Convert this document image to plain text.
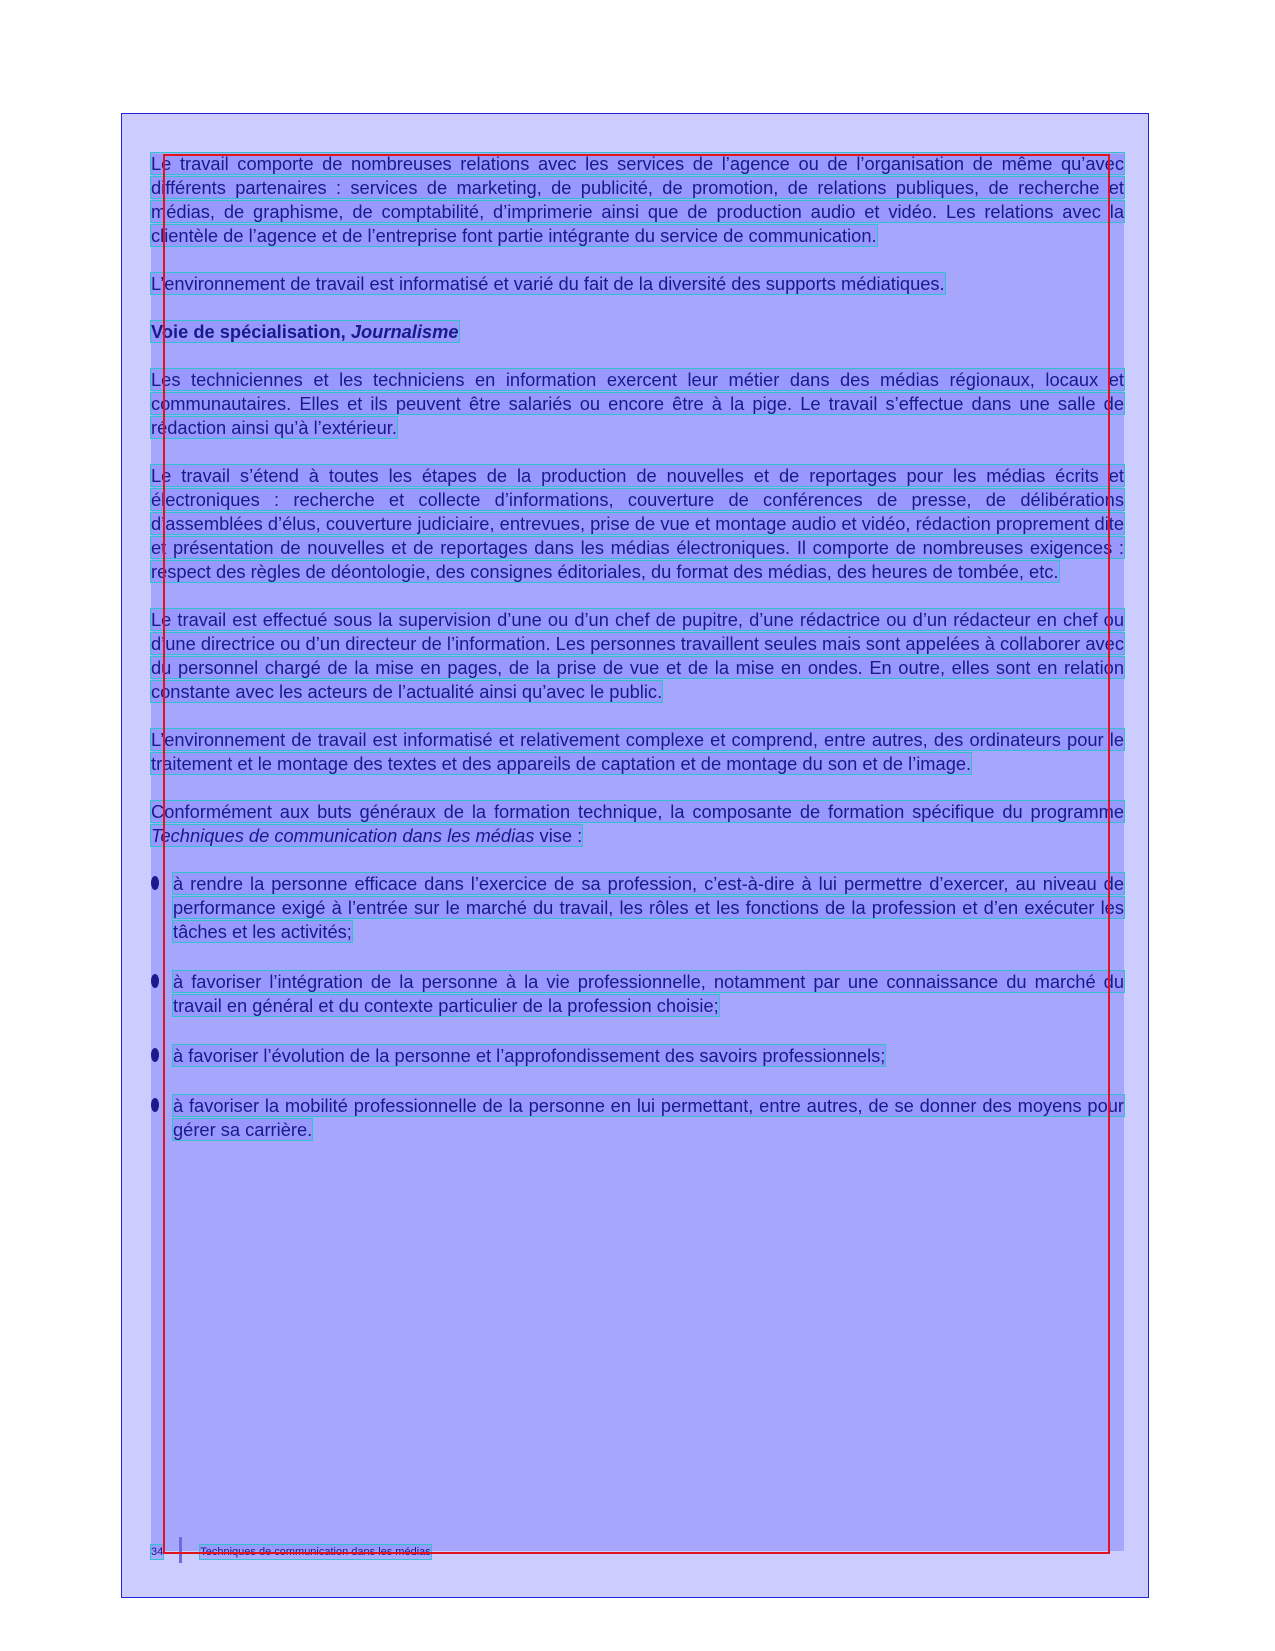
Le travail comporte de nombreuses relations avec les services de l’agence ou de l’organisation de même qu’avec différents partenaires : services de marketing, de publicité, de promotion, de relations publiques, de recherche et médias, de graphisme, de comptabilité, d’imprimerie ainsi que de production audio et vidéo. Les relations avec la clientèle de l’agence et de l’entreprise font partie intégrante du service de communication.

L’environnement de travail est informatisé et varié du fait de la diversité des supports médiatiques.

Voie de spécialisation, Journalisme

Les techniciennes et les techniciens en information exercent leur métier dans des médias régionaux, locaux et communautaires. Elles et ils peuvent être salariés ou encore être à la pige. Le travail s’effectue dans une salle de rédaction ainsi qu’à l’extérieur.

Le travail s’étend à toutes les étapes de la production de nouvelles et de reportages pour les médias écrits et électroniques : recherche et collecte d’informations, couverture de conférences de presse, de délibérations d’assemblées d’élus, couverture judiciaire, entrevues, prise de vue et montage audio et vidéo, rédaction proprement dite et présentation de nouvelles et de reportages dans les médias électroniques. Il comporte de nombreuses exigences : respect des règles de déontologie, des consignes éditoriales, du format des médias, des heures de tombée, etc.

Le travail est effectué sous la supervision d’une ou d’un chef de pupitre, d’une rédactrice ou d’un rédacteur en chef ou d’une directrice ou d’un directeur de l’information. Les personnes travaillent seules mais sont appelées à collaborer avec du personnel chargé de la mise en pages, de la prise de vue et de la mise en ondes. En outre, elles sont en relation constante avec les acteurs de l’actualité ainsi qu’avec le public.

L’environnement de travail est informatisé et relativement complexe et comprend, entre autres, des ordinateurs pour le traitement et le montage des textes et des appareils de captation et de montage du son et de l’image.

Conformément aux buts généraux de la formation technique, la composante de formation spécifique du programme Techniques de communication dans les médias vise :

à rendre la personne efficace dans l’exercice de sa profession, c’est-à-dire à lui permettre d’exercer, au niveau de performance exigé à l’entrée sur le marché du travail, les rôles et les fonctions de la profession et d’en exécuter les tâches et les activités;
à favoriser l’intégration de la personne à la vie professionnelle, notamment par une connaissance du marché du travail en général et du contexte particulier de la profession choisie;
à favoriser l’évolution de la personne et l’approfondissement des savoirs professionnels;
à favoriser la mobilité professionnelle de la personne en lui permettant, entre autres, de se donner des moyens pour gérer sa carrière.
34	Techniques de communication dans les médias
